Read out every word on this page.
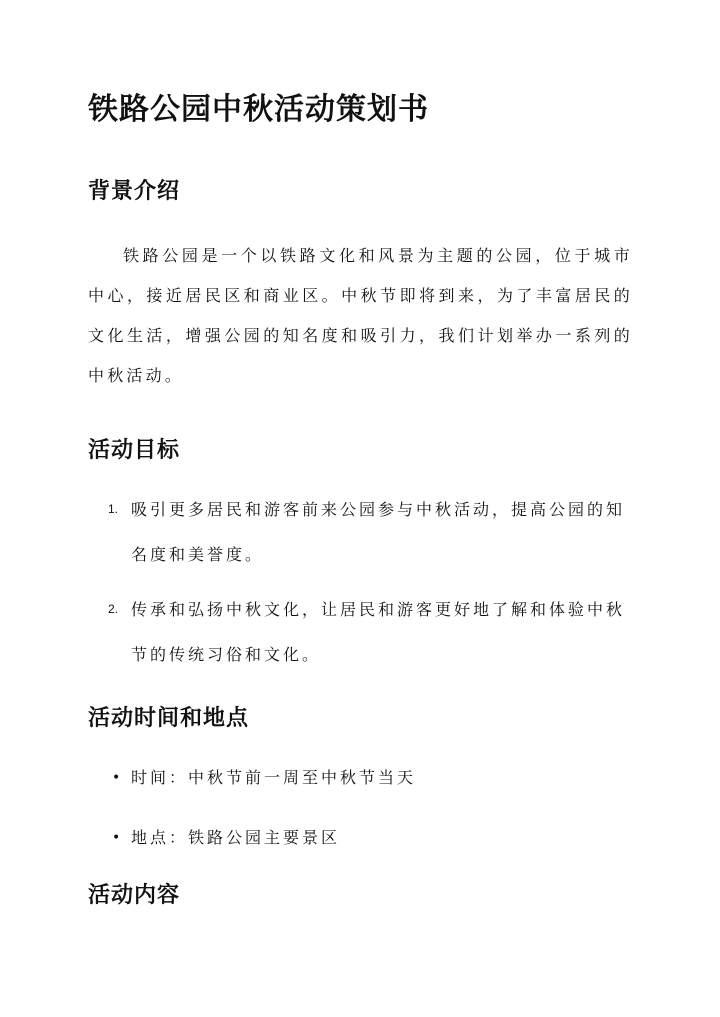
铁路公园中秋活动策划书
背景介绍

铁路公园是一个以铁路文化和风景为主题的公园，位于城市中心，接近居民区和商业区。中秋节即将到来，为了丰富居民的文化生活，增强公园的知名度和吸引力，我们计划举办一系列的中秋活动。

活动目标
1. 吸引更多居民和游客前来公园参与中秋活动，提高公园的知名度和美誉度。
2. 传承和弘扬中秋文化，让居民和游客更好地了解和体验中秋节的传统习俗和文化。
活动时间和地点
• 时间：中秋节前一周至中秋节当天
• 地点：铁路公园主要景区
活动内容
